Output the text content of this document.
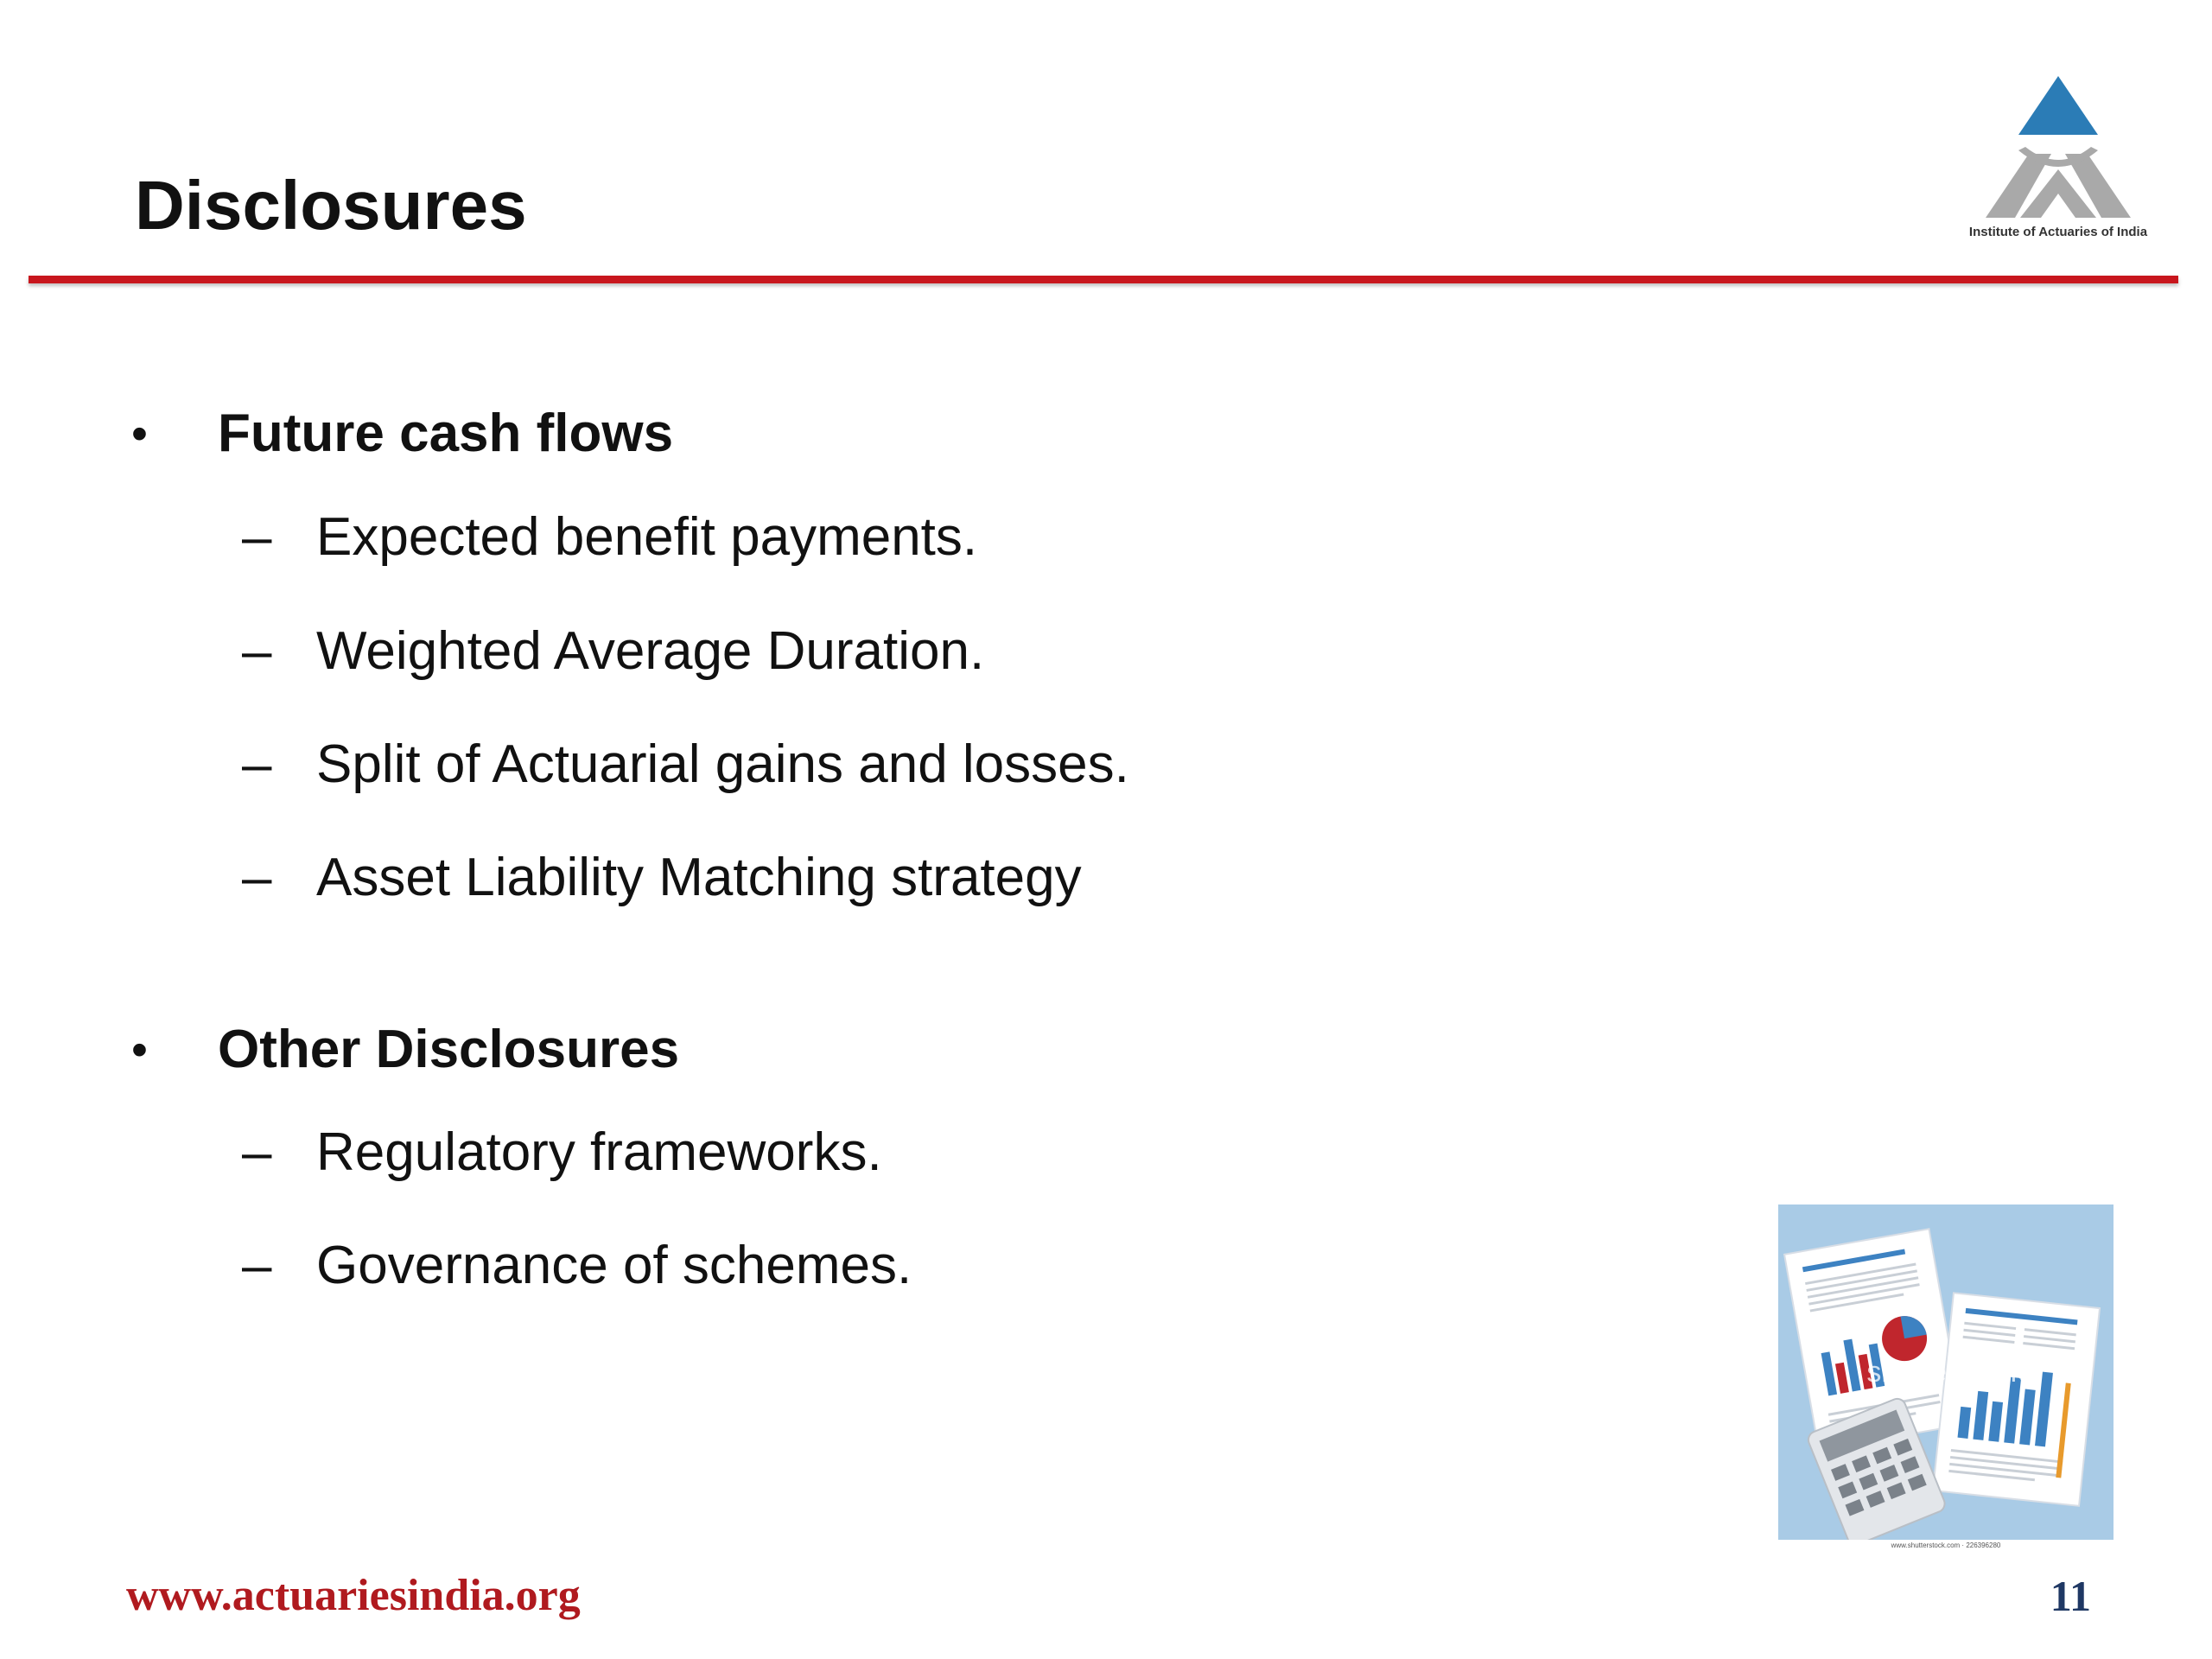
Disclosures	Institute of Actuaries of India
• Future cash flows
– Expected benefit payments.
– Weighted Average Duration.
– Split of Actuarial gains and losses.
– Asset Liability Matching strategy
• Other Disclosures
– Regulatory frameworks.
– Governance of schemes.
shutterstock
www.shutterstock.com · 226396280
www.actuariesindia.org	11
